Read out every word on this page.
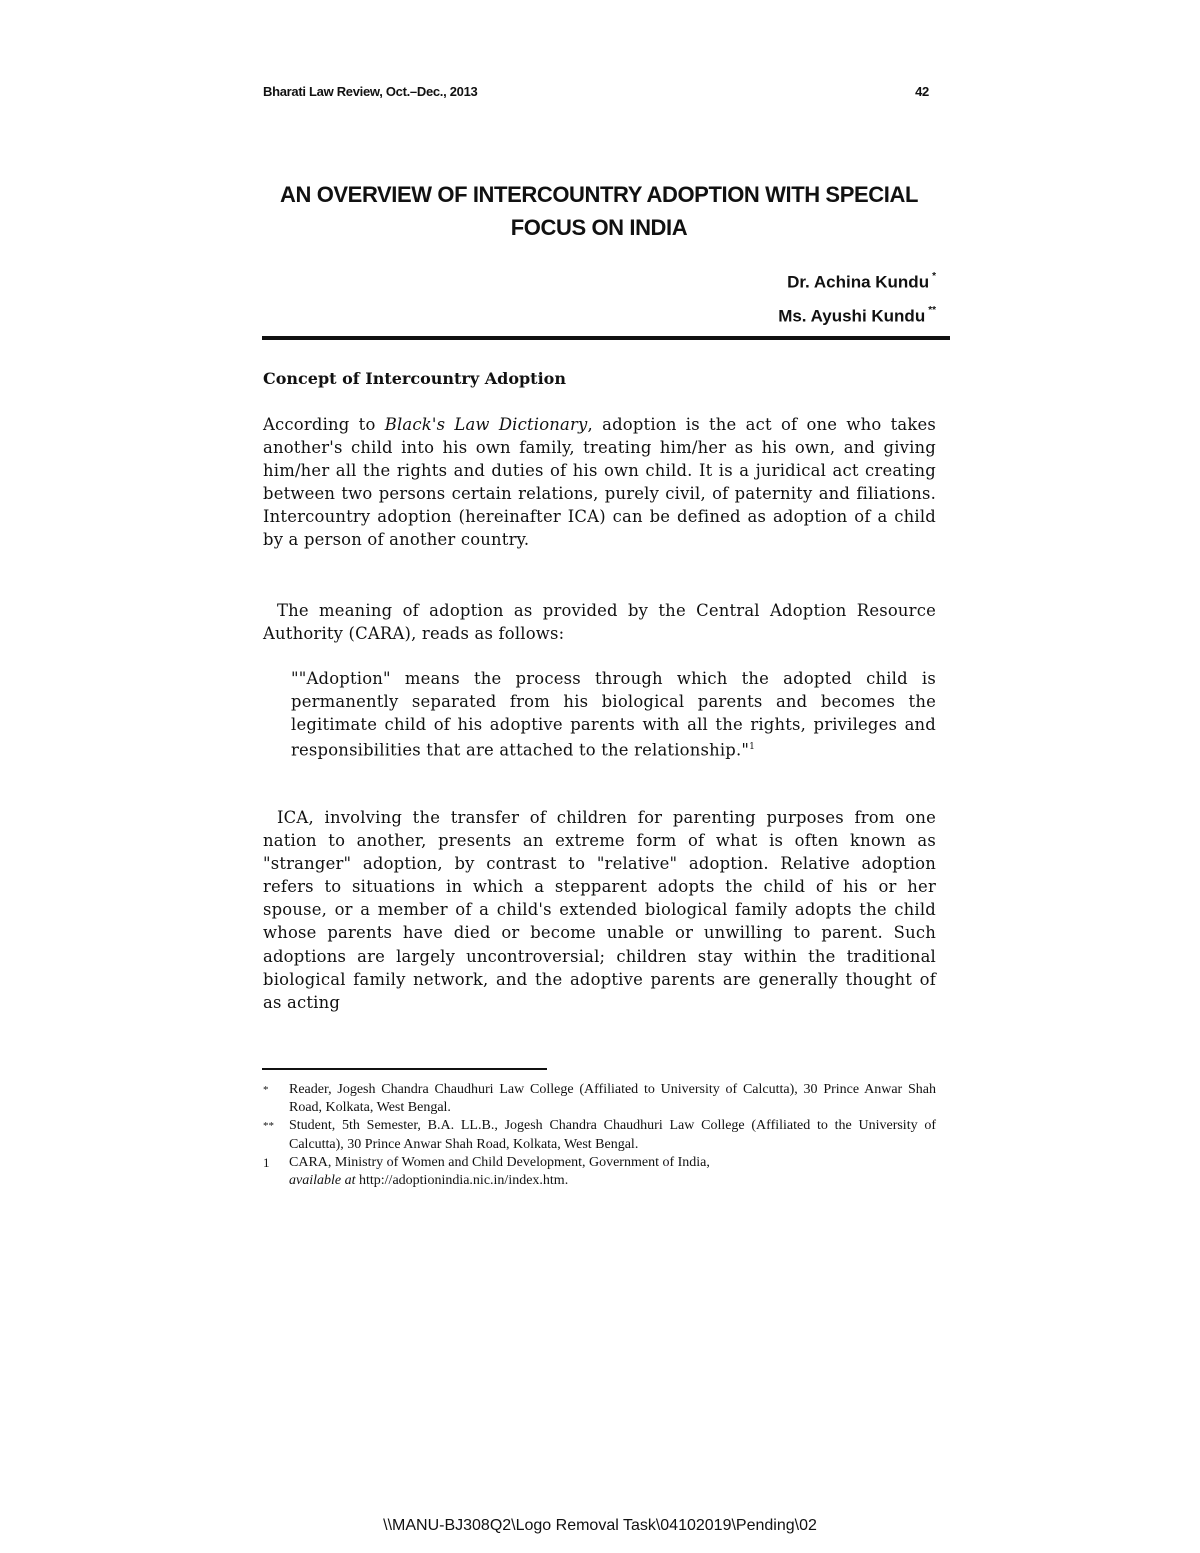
Bharati Law Review, Oct.–Dec., 2013	42
AN OVERVIEW OF INTERCOUNTRY ADOPTION WITH SPECIAL
FOCUS ON INDIA
Dr. Achina Kundu *
Ms. Ayushi Kundu **
Concept of Intercountry Adoption

According to Black's Law Dictionary, adoption is the act of one who takes another's child into his own family, treating him/her as his own, and giving him/her all the rights and duties of his own child. It is a juridical act creating between two persons certain relations, purely civil, of paternity and filiations. Intercountry adoption (hereinafter ICA) can be defined as adoption of a child by a person of another country.

The meaning of adoption as provided by the Central Adoption Resource Authority (CARA), reads as follows:

""Adoption" means the process through which the adopted child is permanently separated from his biological parents and becomes the legitimate child of his adoptive parents with all the rights, privileges and responsibilities that are attached to the relationship."$^1$

ICA, involving the transfer of children for parenting purposes from one nation to another, presents an extreme form of what is often known as "stranger" adoption, by contrast to "relative" adoption. Relative adoption refers to situations in which a stepparent adopts the child of his or her spouse, or a member of a child's extended biological family adopts the child whose parents have died or become unable or unwilling to parent. Such adoptions are largely uncontroversial; children stay within the traditional biological family network, and the adoptive parents are generally thought of as acting

* Reader, Jogesh Chandra Chaudhuri Law College (Affiliated to University of Calcutta), 30 Prince Anwar Shah Road, Kolkata, West Bengal.

** Student, 5th Semester, B.A. LL.B., Jogesh Chandra Chaudhuri Law College (Affiliated to the University of Calcutta), 30 Prince Anwar Shah Road, Kolkata, West Bengal.

1 CARA, Ministry of Women and Child Development, Government of India,
available at http://adoptionindia.nic.in/index.htm.

\\MANU-BJ308Q2\Logo Removal Task\04102019\Pending\02
